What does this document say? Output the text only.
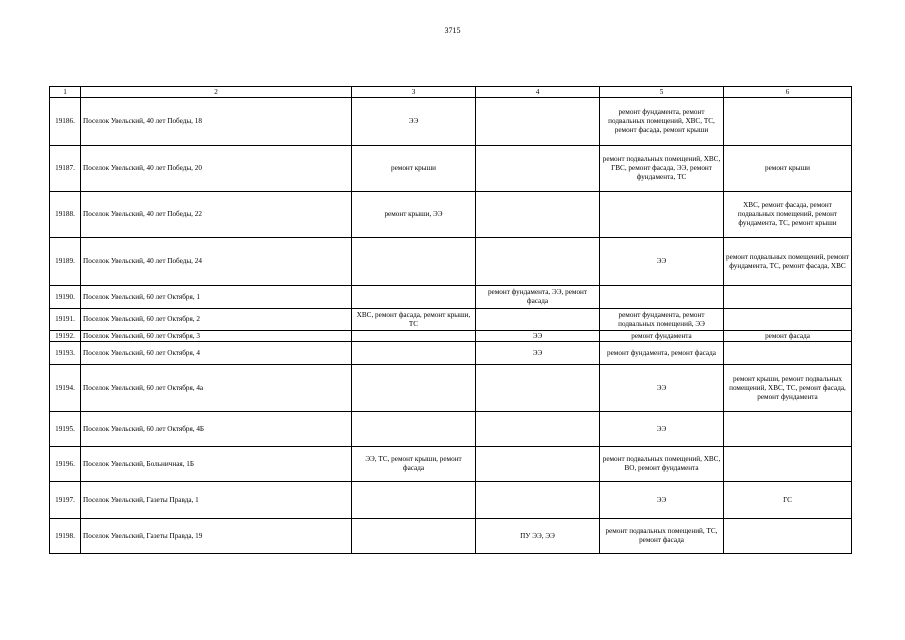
3715
1	2	3	4	5	6
19186.	Поселок Увельский, 40 лет Победы, 18	ЭЭ		ремонт фундамента, ремонт подвальных помещений, ХВС, ТС, ремонт фасада, ремонт крыши	
19187.	Поселок Увельский, 40 лет Победы, 20	ремонт крыши		ремонт подвальных помещений, ХВС, ГВС, ремонт фасада, ЭЭ, ремонт фундамента, ТС	ремонт крыши
19188.	Поселок Увельский, 40 лет Победы, 22	ремонт крыши, ЭЭ			ХВС, ремонт фасада, ремонт подвальных помещений, ремонт фундамента, ТС, ремонт крыши
19189.	Поселок Увельский, 40 лет Победы, 24			ЭЭ	ремонт подвальных помещений, ремонт фундамента, ТС, ремонт фасада, ХВС
19190.	Поселок Увельский, 60 лет Октября, 1		ремонт фундамента, ЭЭ, ремонт фасада		
19191.	Поселок Увельский, 60 лет Октября, 2	ХВС, ремонт фасада, ремонт крыши, ТС		ремонт фундамента, ремонт подвальных помещений, ЭЭ	
19192.	Поселок Увельский, 60 лет Октября, 3		ЭЭ	ремонт фундамента	ремонт фасада
19193.	Поселок Увельский, 60 лет Октября, 4		ЭЭ	ремонт фундамента, ремонт фасада	
19194.	Поселок Увельский, 60 лет Октября, 4а			ЭЭ	ремонт крыши, ремонт подвальных помещений, ХВС, ТС, ремонт фасада, ремонт фундамента
19195.	Поселок Увельский, 60 лет Октября, 4Б			ЭЭ	
19196.	Поселок Увельский, Больничная, 1Б	ЭЭ, ТС, ремонт крыши, ремонт фасада		ремонт подвальных помещений, ХВС, ВО, ремонт фундамента	
19197.	Поселок Увельский, Газеты Правда, 1			ЭЭ	ГС
19198.	Поселок Увельский, Газеты Правда, 19		ПУ ЭЭ, ЭЭ	ремонт подвальных помещений, ТС, ремонт фасада	
